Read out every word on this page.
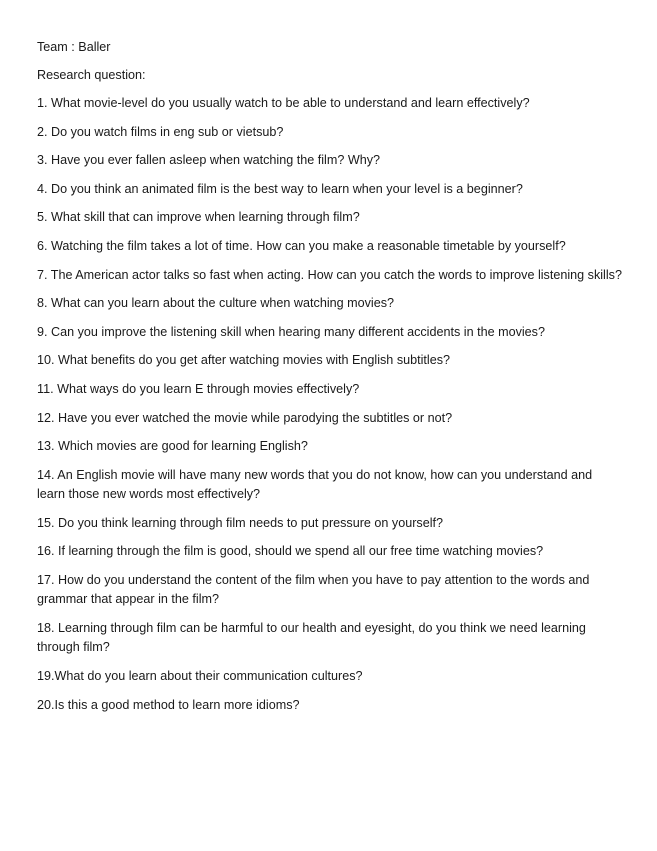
Team : Baller

Research question:

1. What movie-level do you usually watch to be able to understand and learn effectively?

2. Do you watch films in eng sub or vietsub?

3. Have you ever fallen asleep when watching the film? Why?

4. Do you think an animated film is the best way to learn when your level is a beginner?

5. What skill that can improve when learning through film?

6. Watching the film takes a lot of time. How can you make a reasonable timetable by yourself?

7. The American actor talks so fast when acting. How can you catch the words to improve listening skills?

8. What can you learn about the culture when watching movies?

9. Can you improve the listening skill when hearing many different accidents in the movies?

10. What benefits do you get after watching movies with English subtitles?

11. What ways do you learn E through movies effectively?

12. Have you ever watched the movie while parodying the subtitles or not?

13. Which movies are good for learning English?

14. An English movie will have many new words that you do not know, how can you understand and learn those new words most effectively?

15. Do you think learning through film needs to put pressure on yourself?

16. If learning through the film is good, should we spend all our free time watching movies?

17. How do you understand the content of the film when you have to pay attention to the words and grammar that appear in the film?

18. Learning through film can be harmful to our health and eyesight, do you think we need learning through film?

19.What do you learn about their communication cultures?

20.Is this a good method to learn more idioms?
